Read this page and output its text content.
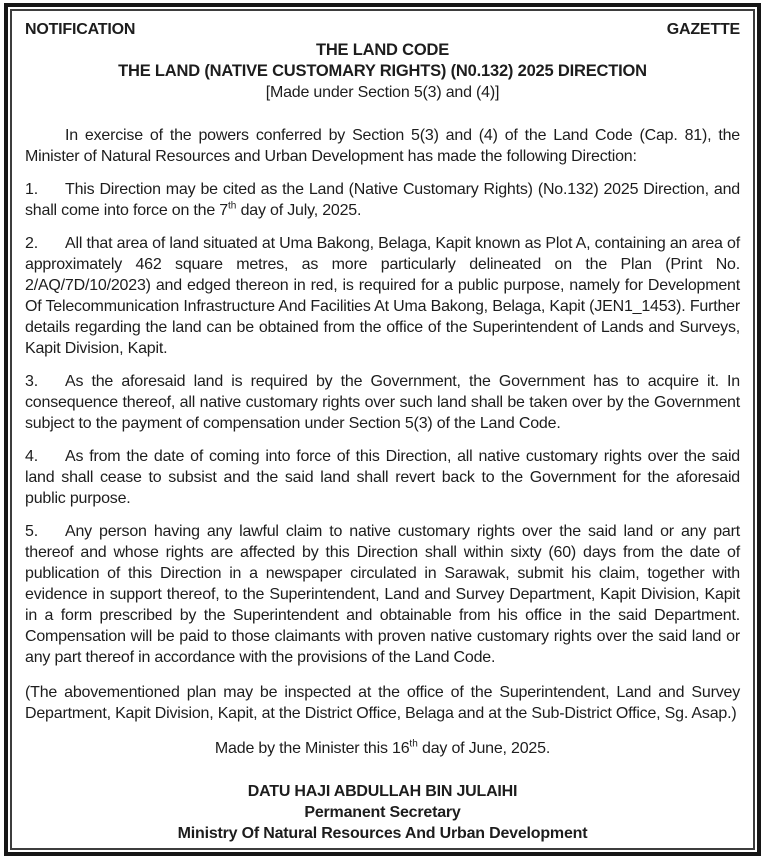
NOTIFICATION	GAZETTE
THE LAND CODE
THE LAND (NATIVE CUSTOMARY RIGHTS) (N0.132) 2025 DIRECTION
[Made under Section 5(3) and (4)]

In exercise of the powers conferred by Section 5(3) and (4) of the Land Code (Cap. 81), the Minister of Natural Resources and Urban Development has made the following Direction:

1. This Direction may be cited as the Land (Native Customary Rights) (No.132) 2025 Direction, and shall come into force on the 7th day of July, 2025.

2. All that area of land situated at Uma Bakong, Belaga, Kapit known as Plot A, containing an area of approximately 462 square metres, as more particularly delineated on the Plan (Print No. 2/AQ/7D/10/2023) and edged thereon in red, is required for a public purpose, namely for Development Of Telecommunication Infrastructure And Facilities At Uma Bakong, Belaga, Kapit (JEN1_1453). Further details regarding the land can be obtained from the office of the Superintendent of Lands and Surveys, Kapit Division, Kapit.

3. As the aforesaid land is required by the Government, the Government has to acquire it. In consequence thereof, all native customary rights over such land shall be taken over by the Government subject to the payment of compensation under Section 5(3) of the Land Code.

4. As from the date of coming into force of this Direction, all native customary rights over the said land shall cease to subsist and the said land shall revert back to the Government for the aforesaid public purpose.

5. Any person having any lawful claim to native customary rights over the said land or any part thereof and whose rights are affected by this Direction shall within sixty (60) days from the date of publication of this Direction in a newspaper circulated in Sarawak, submit his claim, together with evidence in support thereof, to the Superintendent, Land and Survey Department, Kapit Division, Kapit in a form prescribed by the Superintendent and obtainable from his office in the said Department. Compensation will be paid to those claimants with proven native customary rights over the said land or any part thereof in accordance with the provisions of the Land Code.

(The abovementioned plan may be inspected at the office of the Superintendent, Land and Survey Department, Kapit Division, Kapit, at the District Office, Belaga and at the Sub-District Office, Sg. Asap.)

Made by the Minister this 16th day of June, 2025.

DATU HAJI ABDULLAH BIN JULAIHI
Permanent Secretary
Ministry Of Natural Resources And Urban Development
